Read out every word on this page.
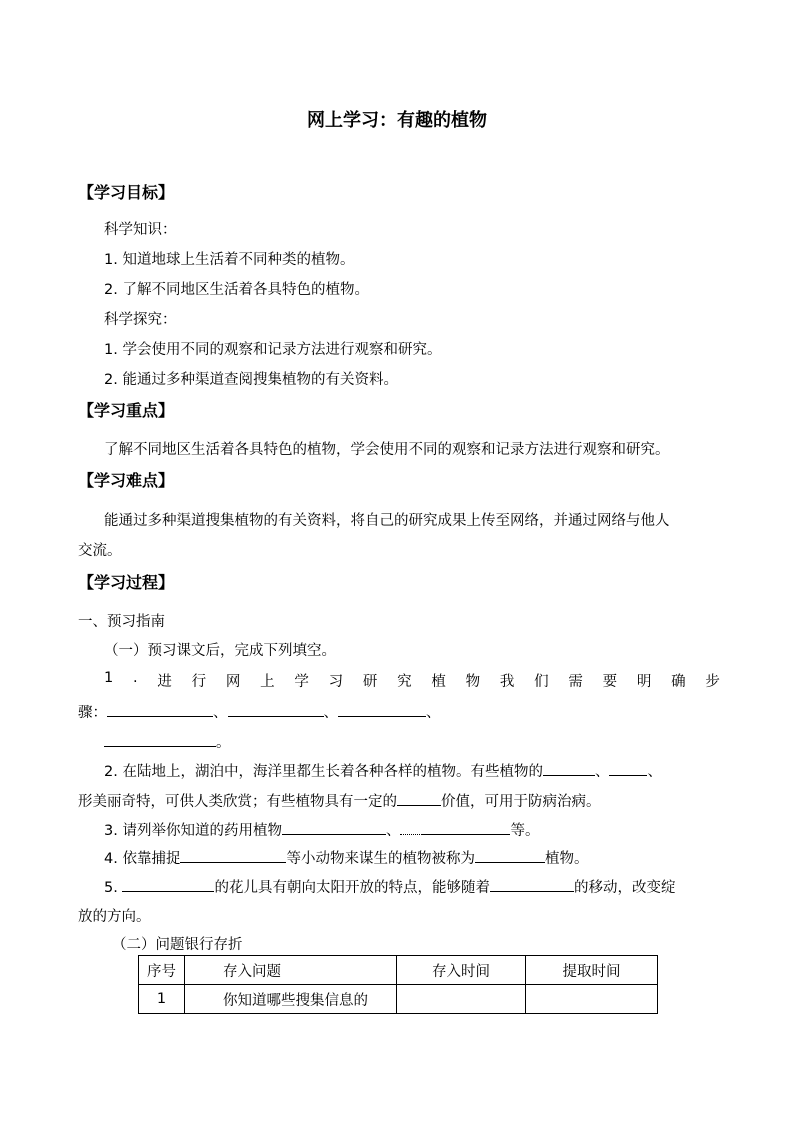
网上学习：有趣的植物
【学习目标】
科学知识：
1. 知道地球上生活着不同种类的植物。
2. 了解不同地区生活着各具特色的植物。
科学探究：
1. 学会使用不同的观察和记录方法进行观察和研究。
2. 能通过多种渠道查阅搜集植物的有关资料。
【学习重点】
了解不同地区生活着各具特色的植物，学会使用不同的观察和记录方法进行观察和研究。
【学习难点】
能通过多种渠道搜集植物的有关资料，将自己的研究成果上传至网络，并通过网络与他人
交流。
【学习过程】
一、预习指南
（一）预习课文后，完成下列填空。
1 . 进 行 网 上 学 习 研 究 植 物 我 们 需 要 明 确 步
骤：	、	、	、
。
2. 在陆地上，湖泊中，海洋里都生长着各种各样的植物。有些植物的	、	、
形美丽奇特，可供人类欣赏；有些植物具有一定的	价值，可用于防病治病。
3. 请列举你知道的药用植物	、	等。
4. 依靠捕捉	等小动物来谋生的植物被称为	植物。
5.	的花儿具有朝向太阳开放的特点，能够随着	的移动，改变绽
放的方向。
（二）问题银行存折
序号	存入问题	存入时间	提取时间
1	你知道哪些搜集信息的		
